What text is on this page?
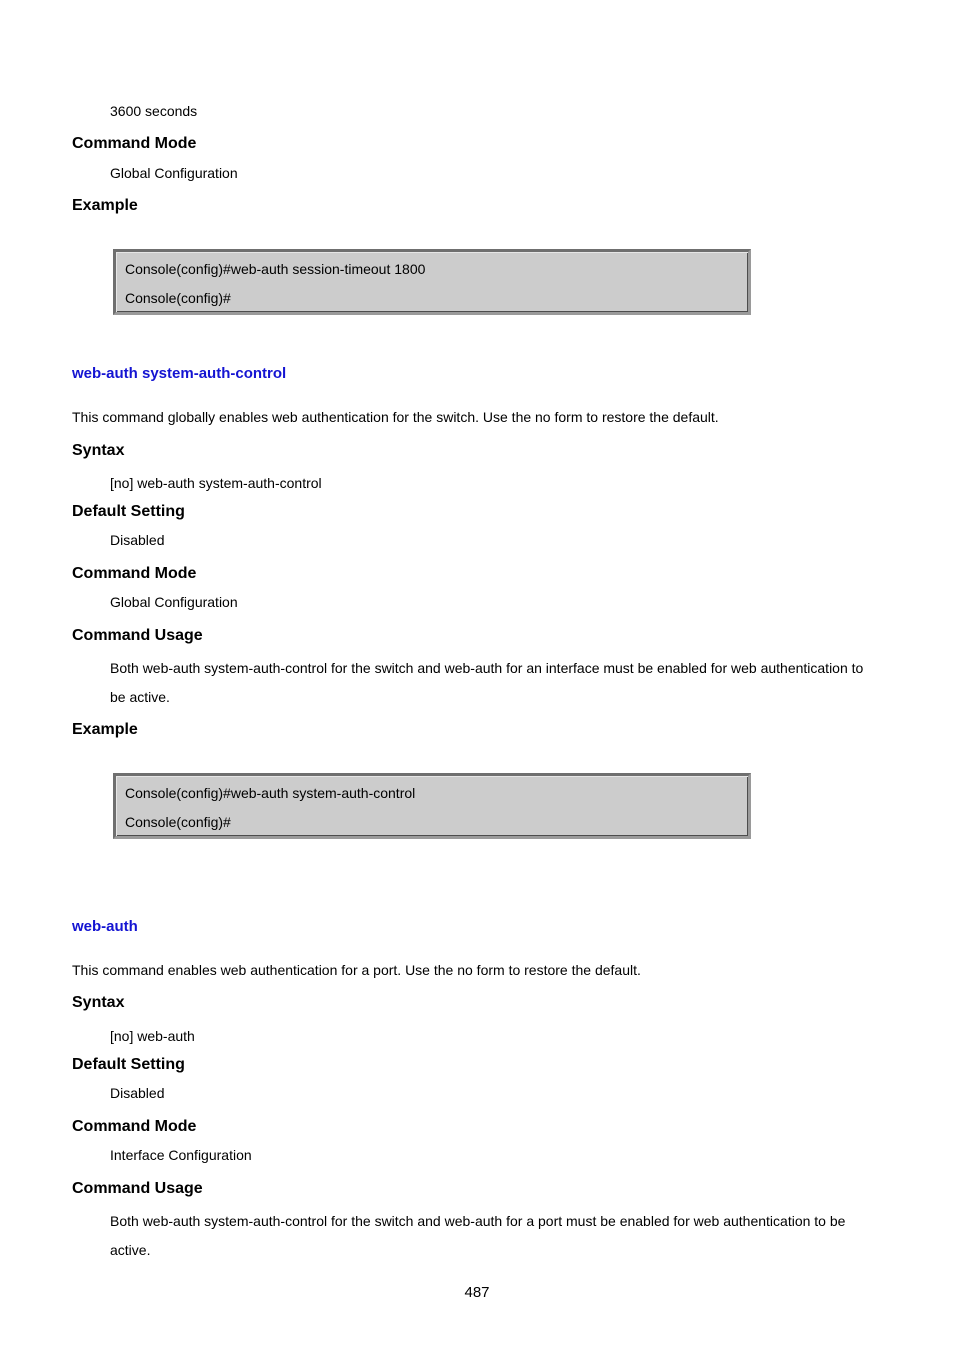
3600 seconds
Command Mode
Global Configuration
Example
Console(config)#web-auth session-timeout 1800
Console(config)#
web-auth system-auth-control
This command globally enables web authentication for the switch. Use the no form to restore the default.
Syntax
[no] web-auth system-auth-control
Default Setting
Disabled
Command Mode
Global Configuration
Command Usage
Both web-auth system-auth-control for the switch and web-auth for an interface must be enabled for web authentication to
be active.
Example
Console(config)#web-auth system-auth-control
Console(config)#
web-auth
This command enables web authentication for a port. Use the no form to restore the default.
Syntax
[no] web-auth
Default Setting
Disabled
Command Mode
Interface Configuration
Command Usage
Both web-auth system-auth-control for the switch and web-auth for a port must be enabled for web authentication to be
active.
487
